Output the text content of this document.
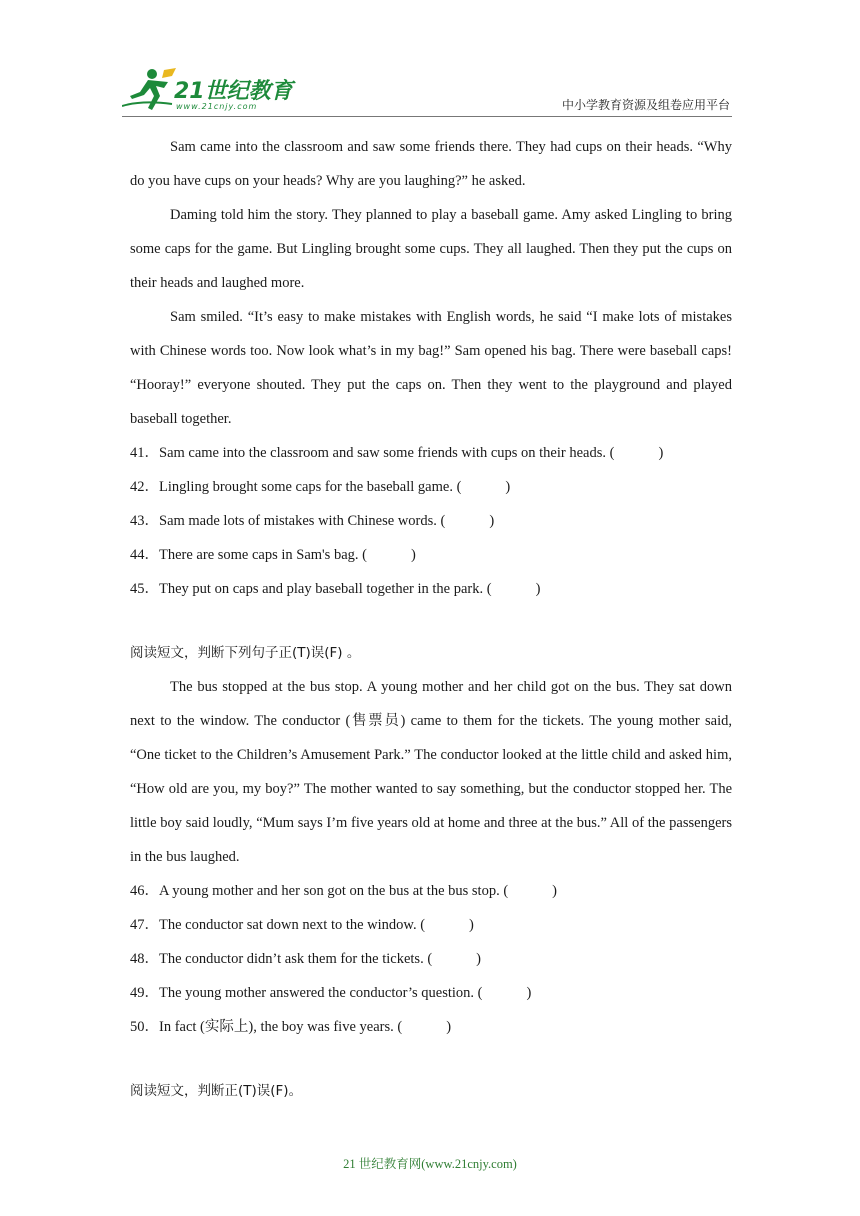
21世纪教育
www.21cnjy.com	中小学教育资源及组卷应用平台

Sam came into the classroom and saw some friends there. They had cups on their heads. “Why do you have cups on your heads? Why are you laughing?” he asked.

Daming told him the story. They planned to play a baseball game. Amy asked Lingling to bring some caps for the game. But Lingling brought some cups. They all laughed. Then they put the cups on their heads and laughed more.

Sam smiled. “It’s easy to make mistakes with English words, he said “I make lots of mistakes with Chinese words too. Now look what’s in my bag!” Sam opened his bag. There were baseball caps! “Hooray!” everyone shouted. They put the caps on. Then they went to the playground and played baseball together.

41．Sam came into the classroom and saw some friends with cups on their heads. (	)

42．Lingling brought some caps for the baseball game. (	)

43．Sam made lots of mistakes with Chinese words. (	)

44．There are some caps in Sam's bag. (	)

45．They put on caps and play baseball together in the park. (	)

阅读短文，判断下列句子正(T)误(F) 。

The bus stopped at the bus stop. A young mother and her child got on the bus. They sat down next to the window. The conductor (售票员) came to them for the tickets. The young mother said, “One ticket to the Children’s Amusement Park.” The conductor looked at the little child and asked him, “How old are you, my boy?” The mother wanted to say something, but the conductor stopped her. The little boy said loudly, “Mum says I’m five years old at home and three at the bus.” All of the passengers in the bus laughed.

46．A young mother and her son got on the bus at the bus stop. (	)

47．The conductor sat down next to the window. (	)

48．The conductor didn’t ask them for the tickets. (	)

49．The young mother answered the conductor’s question. (	)

50．In fact (实际上), the boy was five years. (	)

阅读短文，判断正(T)误(F)。

21 世纪教育网(www.21cnjy.com)
